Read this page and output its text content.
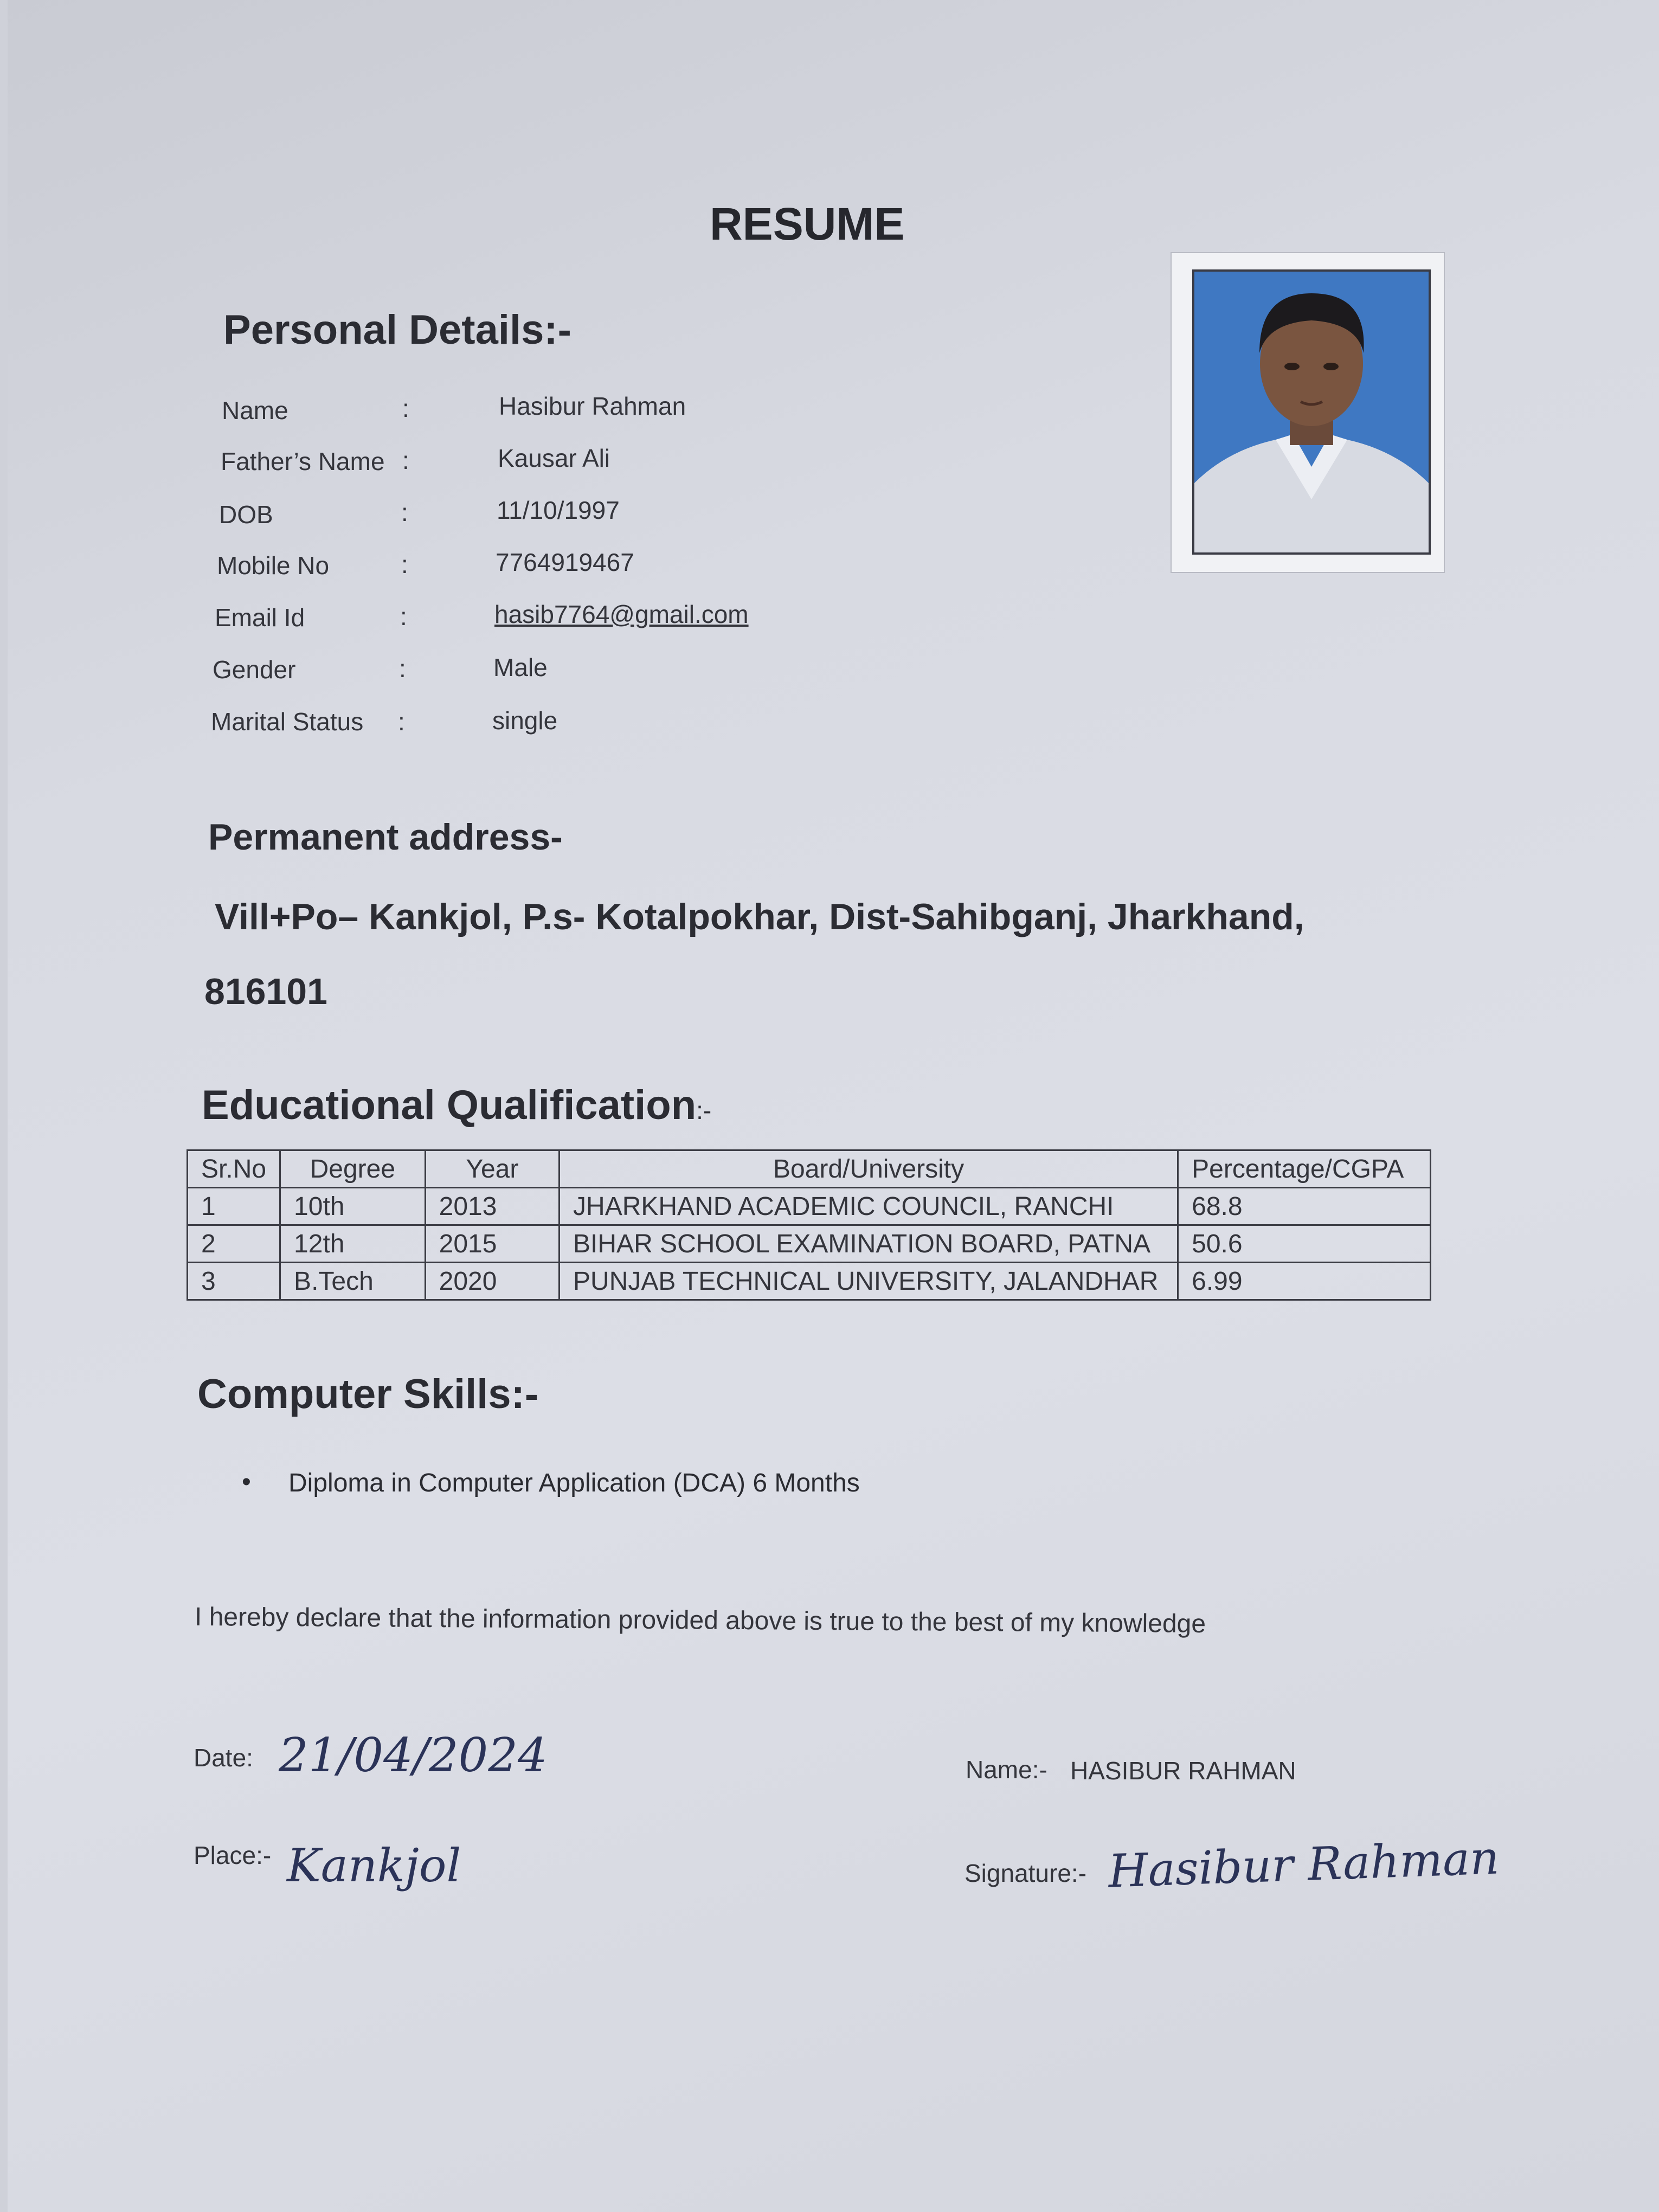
RESUME
Personal Details:-
Name	:	Hasibur Rahman
Father’s Name :	Kausar Ali
DOB	:	11/10/1997
Mobile No	:	7764919467
Email Id	:	hasib7764@gmail.com
Gender	:	Male
Marital Status :	single
Permanent address-
Vill+Po– Kankjol, P.s- Kotalpokhar, Dist-Sahibganj, Jharkhand,
816101
Educational Qualification:-
Sr.No	Degree	Year	Board/University	Percentage/CGPA
1	10th	2013	JHARKHAND ACADEMIC COUNCIL, RANCHI	68.8
2	12th	2015	BIHAR SCHOOL EXAMINATION BOARD, PATNA	50.6
3	B.Tech	2020	PUNJAB TECHNICAL UNIVERSITY, JALANDHAR	6.99
Computer Skills:-
• Diploma in Computer Application (DCA) 6 Months
I hereby declare that the information provided above is true to the best of my knowledge
Date: 21/04/2024
Place:- Kankjol
Name:- HASIBUR RAHMAN
Signature:- Hasibur Rahman
